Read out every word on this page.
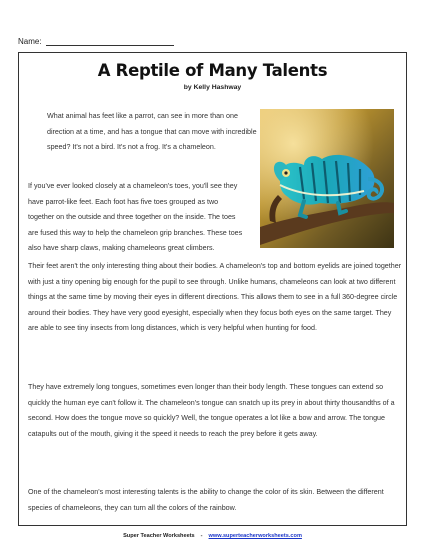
Name:
A Reptile of Many Talents
by Kelly Hashway

What animal has feet like a parrot, can see in more than one direction at a time, and has a tongue that can move with incredible speed? It's not a bird. It's not a frog. It's a chameleon.

If you've ever looked closely at a chameleon's toes, you'll see they have parrot-like feet. Each foot has five toes grouped as two together on the outside and three together on the inside. The toes are fused this way to help the chameleon grip branches. These toes also have sharp claws, making chameleons great climbers.

Their feet aren't the only interesting thing about their bodies. A chameleon's top and bottom eyelids are joined together with just a tiny opening big enough for the pupil to see through. Unlike humans, chameleons can look at two different things at the same time by moving their eyes in different directions. This allows them to see in a full 360-degree circle around their bodies. They have very good eyesight, especially when they focus both eyes on the same target. They are able to see tiny insects from long distances, which is very helpful when hunting for food.

They have extremely long tongues, sometimes even longer than their body length. These tongues can extend so quickly the human eye can't follow it. The chameleon's tongue can snatch up its prey in about thirty thousandths of a second. How does the tongue move so quickly? Well, the tongue operates a lot like a bow and arrow. The tongue catapults out of the mouth, giving it the speed it needs to reach the prey before it gets away.

One of the chameleon's most interesting talents is the ability to change the color of its skin. Between the different species of chameleons, they can turn all the colors of the rainbow.

Super Teacher Worksheets - www.superteacherworksheets.com
